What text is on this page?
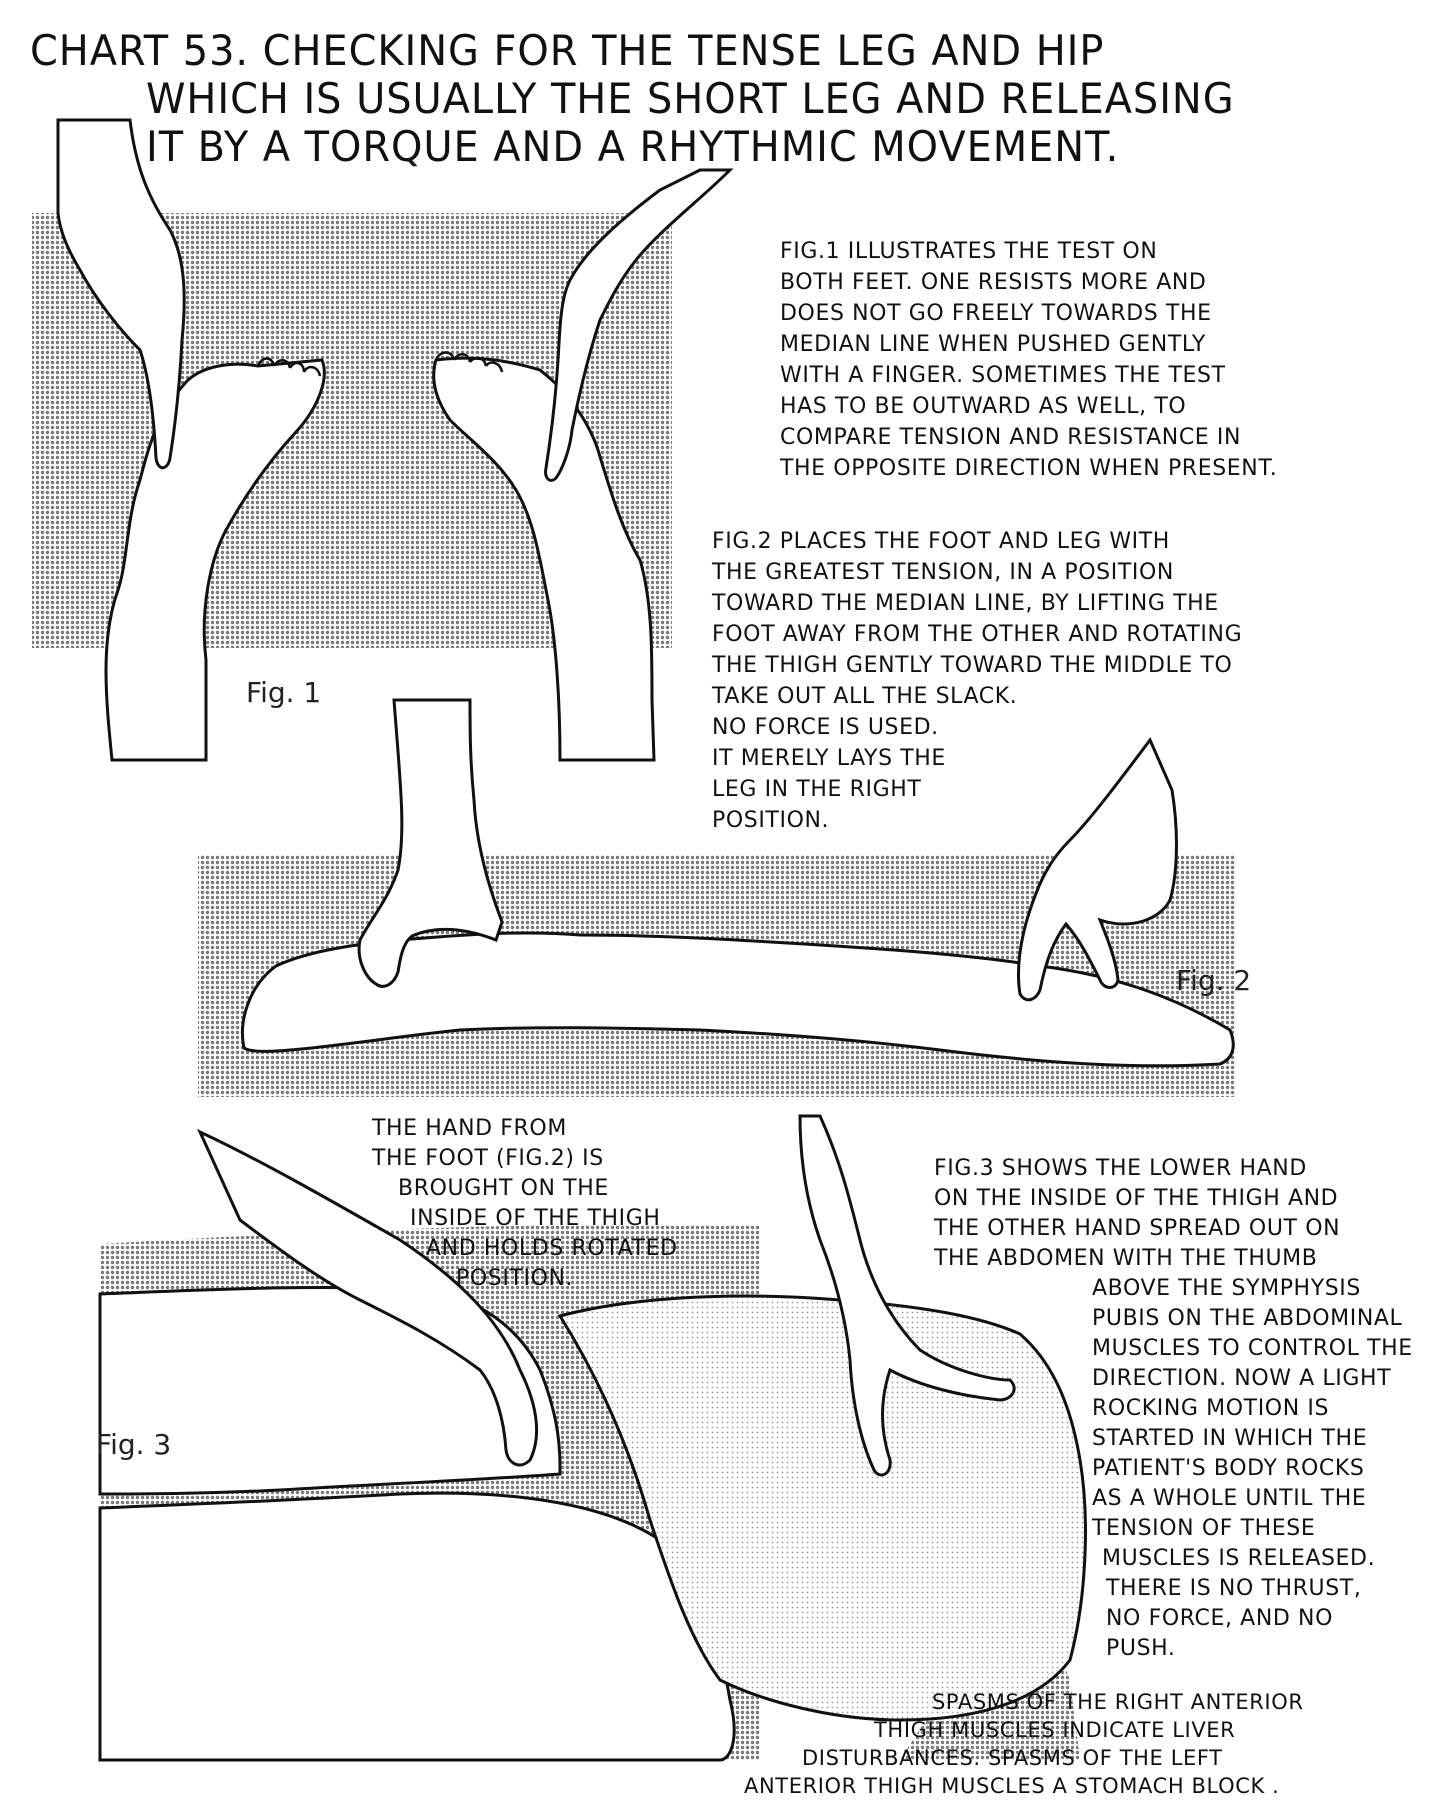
CHART 53. CHECKING FOR THE TENSE LEG AND HIP
WHICH IS USUALLY THE SHORT LEG AND RELEASING
IT BY A TORQUE AND A RHYTHMIC MOVEMENT.
Fig. 1
Fig. 2
Fig. 3
FIG.1 ILLUSTRATES THE TEST ON
BOTH FEET. ONE RESISTS MORE AND
DOES NOT GO FREELY TOWARDS THE
MEDIAN LINE WHEN PUSHED GENTLY
WITH A FINGER. SOMETIMES THE TEST
HAS TO BE OUTWARD AS WELL, TO
COMPARE TENSION AND RESISTANCE IN
THE OPPOSITE DIRECTION WHEN PRESENT.
FIG.2 PLACES THE FOOT AND LEG WITH
THE GREATEST TENSION, IN A POSITION
TOWARD THE MEDIAN LINE, BY LIFTING THE
FOOT AWAY FROM THE OTHER AND ROTATING
THE THIGH GENTLY TOWARD THE MIDDLE TO
TAKE OUT ALL THE SLACK.
NO FORCE IS USED.
IT MERELY LAYS THE
LEG IN THE RIGHT
POSITION.
THE HAND FROM
THE FOOT (FIG.2) IS
BROUGHT ON THE
INSIDE OF THE THIGH
AND HOLDS ROTATED
POSITION.
FIG.3 SHOWS THE LOWER HAND
ON THE INSIDE OF THE THIGH AND
THE OTHER HAND SPREAD OUT ON
THE ABDOMEN WITH THE THUMB
ABOVE THE SYMPHYSIS
PUBIS ON THE ABDOMINAL
MUSCLES TO CONTROL THE
DIRECTION. NOW A LIGHT
ROCKING MOTION IS
STARTED IN WHICH THE
PATIENT'S BODY ROCKS
AS A WHOLE UNTIL THE
TENSION OF THESE
MUSCLES IS RELEASED.
THERE IS NO THRUST,
NO FORCE, AND NO
PUSH.
SPASMS OF THE RIGHT ANTERIOR
THIGH MUSCLES INDICATE LIVER
DISTURBANCES. SPASMS OF THE LEFT
ANTERIOR THIGH MUSCLES A STOMACH BLOCK .
